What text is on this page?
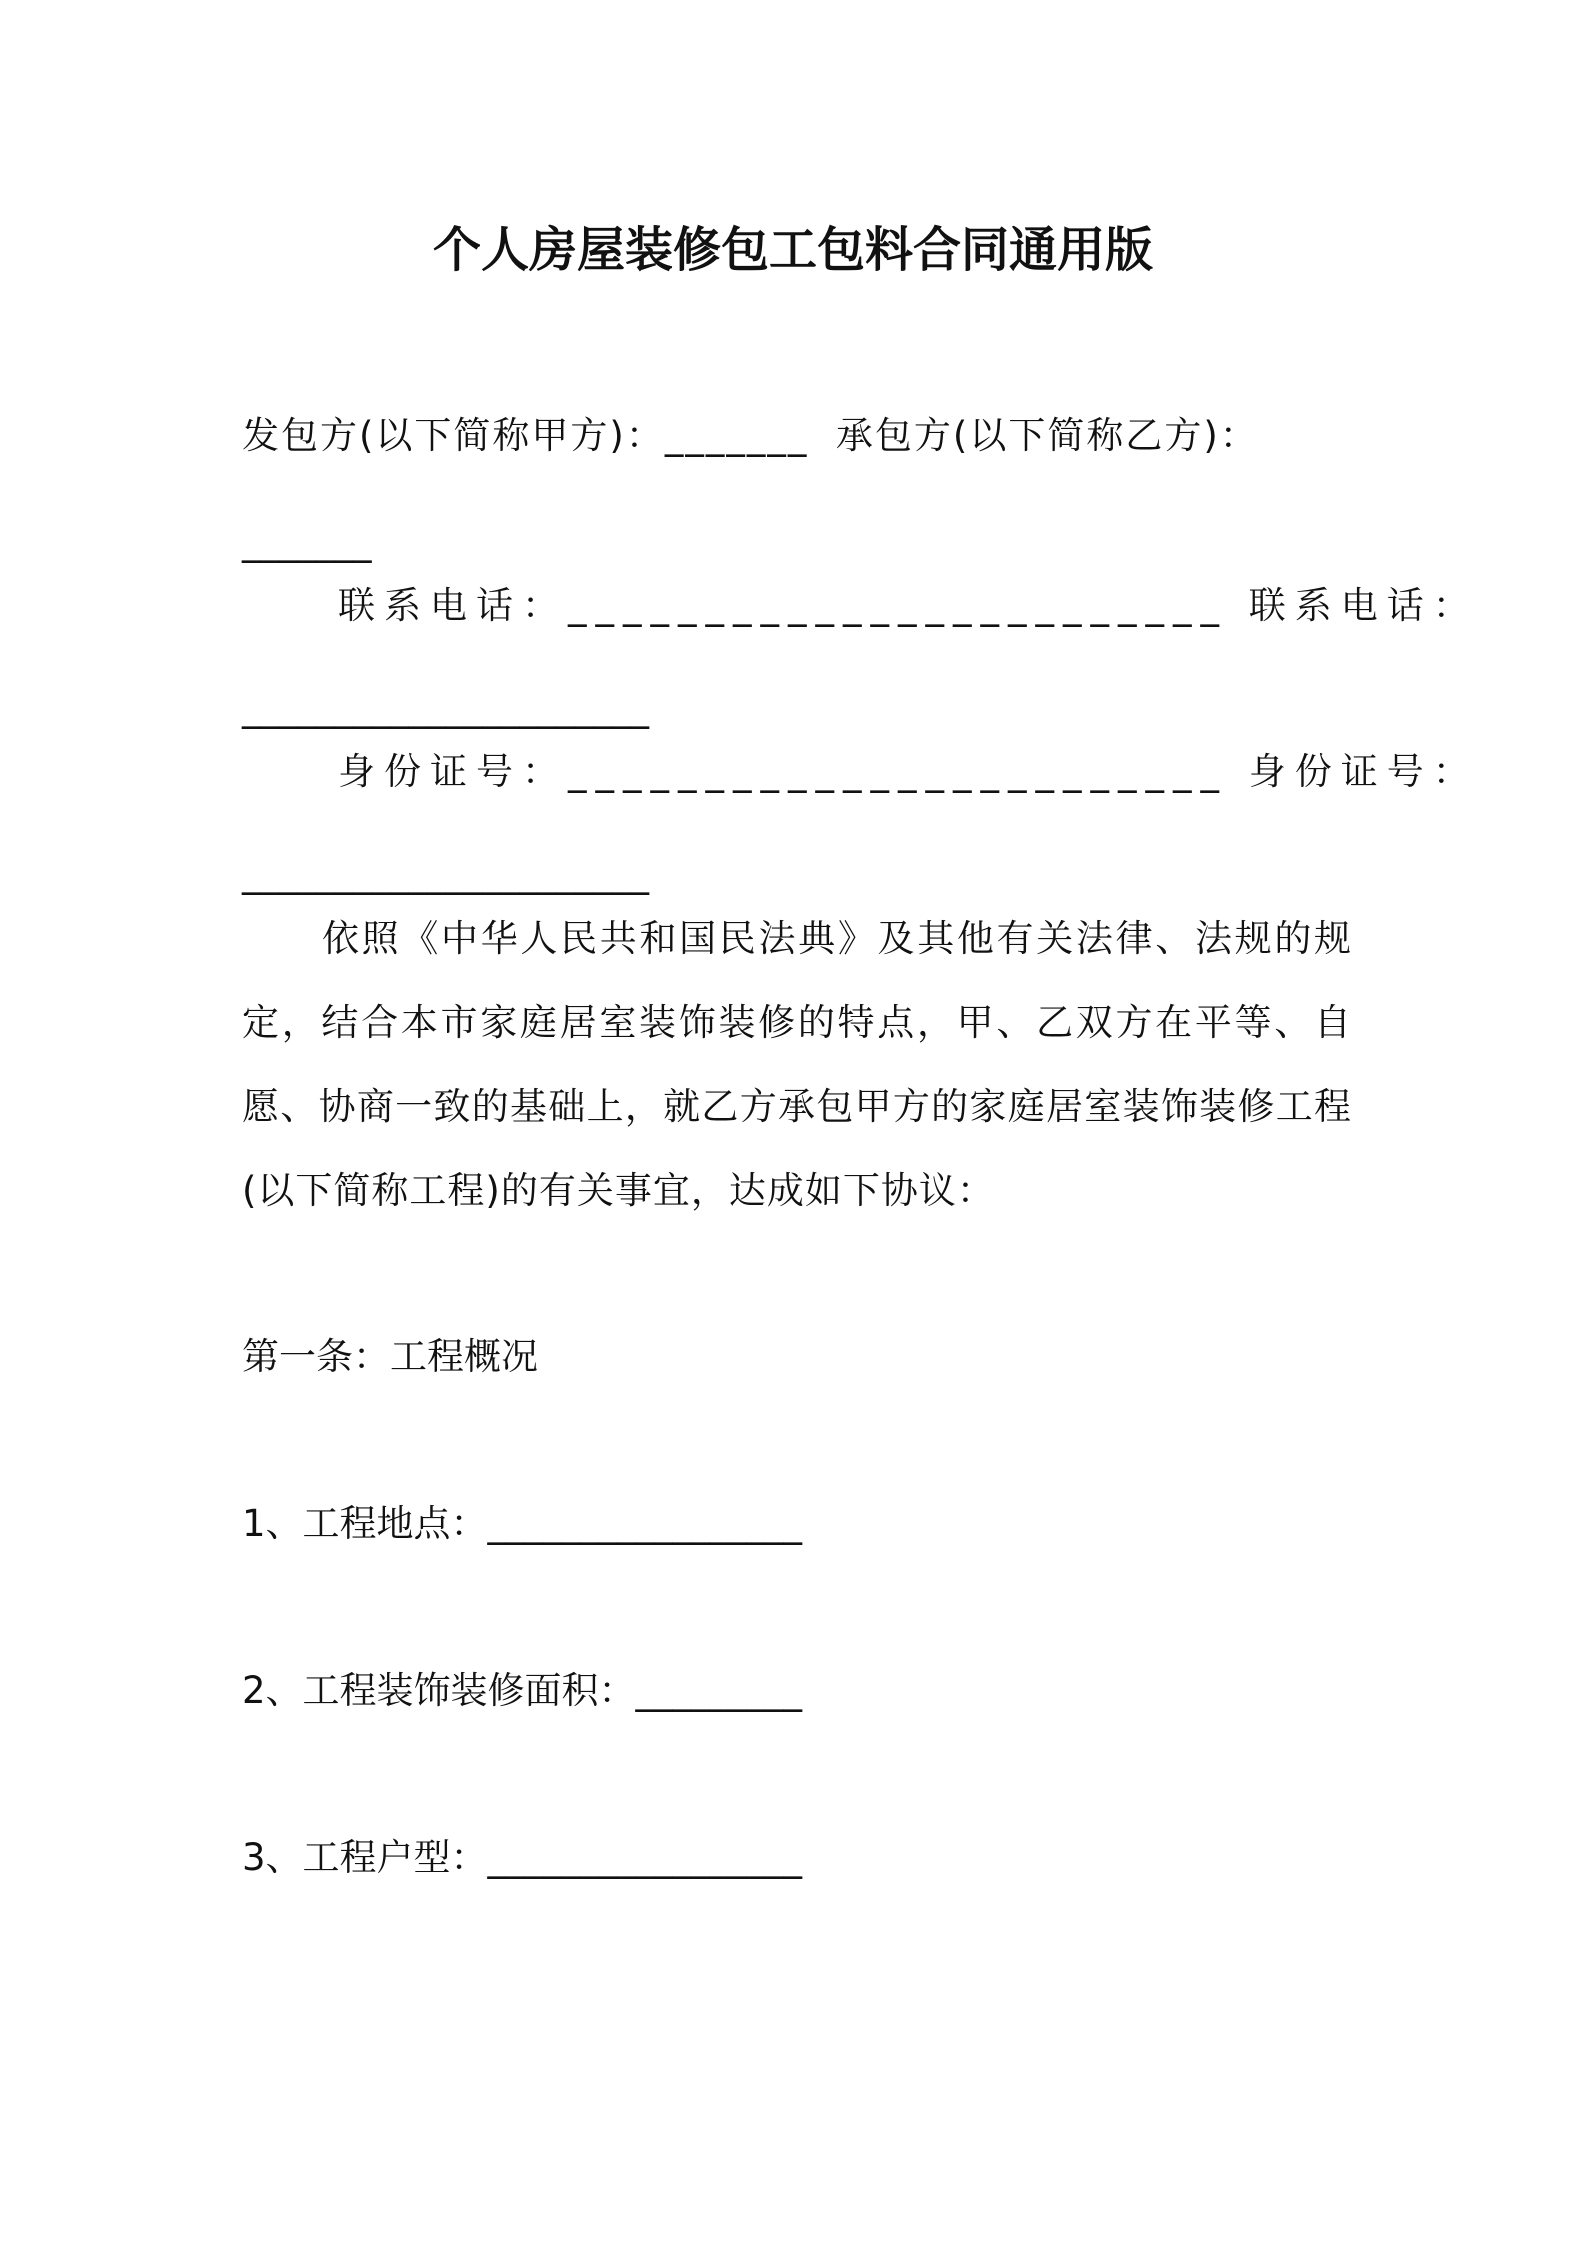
个人房屋装修包工包料合同通用版
发包方(以下简称甲方)：_______  承包方(以下简称乙方)：
_______
联系电话：________________________ 联系电话：
______________________
身份证号：________________________ 身份证号：
______________________
依照《中华人民共和国民法典》及其他有关法律、法规的规定，结合本市家庭居室装饰装修的特点，甲、乙双方在平等、自愿、协商一致的基础上，就乙方承包甲方的家庭居室装饰装修工程(以下简称工程)的有关事宜，达成如下协议：
第一条：工程概况
1、工程地点：_________________
2、工程装饰装修面积：_________
3、工程户型：_________________
